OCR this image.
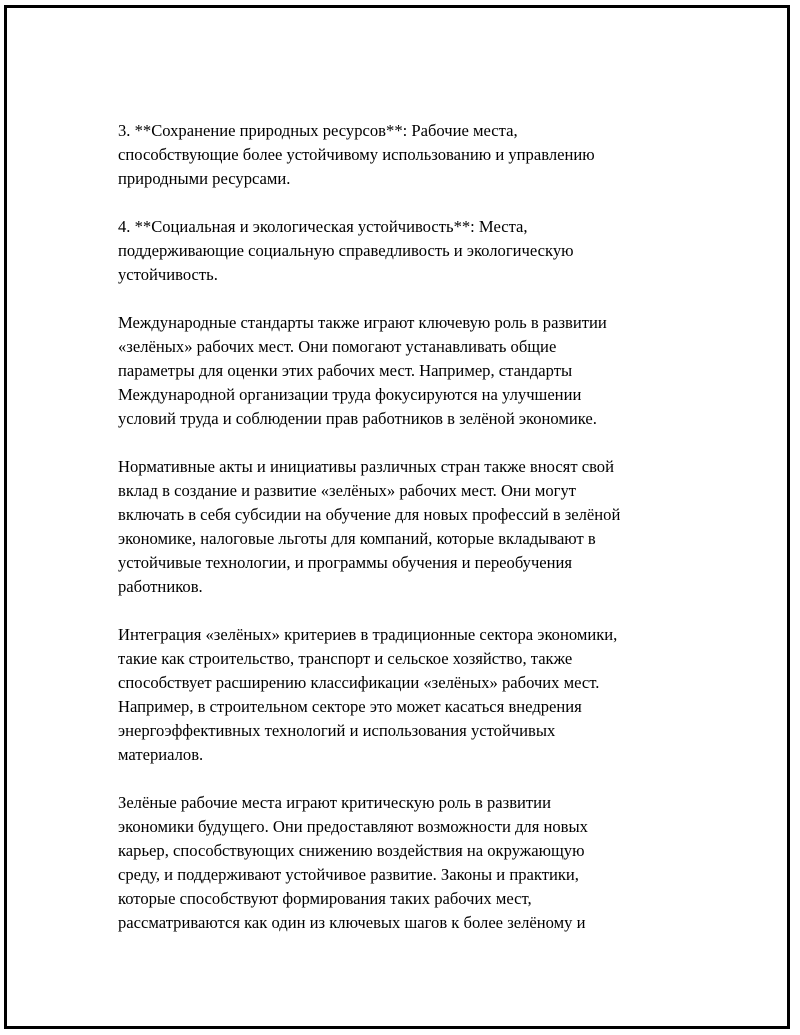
3. **Сохранение природных ресурсов**: Рабочие места,
способствующие более устойчивому использованию и управлению
природными ресурсами.

4. **Социальная и экологическая устойчивость**: Места,
поддерживающие социальную справедливость и экологическую
устойчивость.

Международные стандарты также играют ключевую роль в развитии
«зелёных» рабочих мест. Они помогают устанавливать общие
параметры для оценки этих рабочих мест. Например, стандарты
Международной организации труда фокусируются на улучшении
условий труда и соблюдении прав работников в зелёной экономике.

Нормативные акты и инициативы различных стран также вносят свой
вклад в создание и развитие «зелёных» рабочих мест. Они могут
включать в себя субсидии на обучение для новых профессий в зелёной
экономике, налоговые льготы для компаний, которые вкладывают в
устойчивые технологии, и программы обучения и переобучения
работников.

Интеграция «зелёных» критериев в традиционные сектора экономики,
такие как строительство, транспорт и сельское хозяйство, также
способствует расширению классификации «зелёных» рабочих мест.
Например, в строительном секторе это может касаться внедрения
энергоэффективных технологий и использования устойчивых
материалов.

Зелёные рабочие места играют критическую роль в развитии
экономики будущего. Они предоставляют возможности для новых
карьер, способствующих снижению воздействия на окружающую
среду, и поддерживают устойчивое развитие. Законы и практики,
которые способствуют формирования таких рабочих мест,
рассматриваются как один из ключевых шагов к более зелёному и
